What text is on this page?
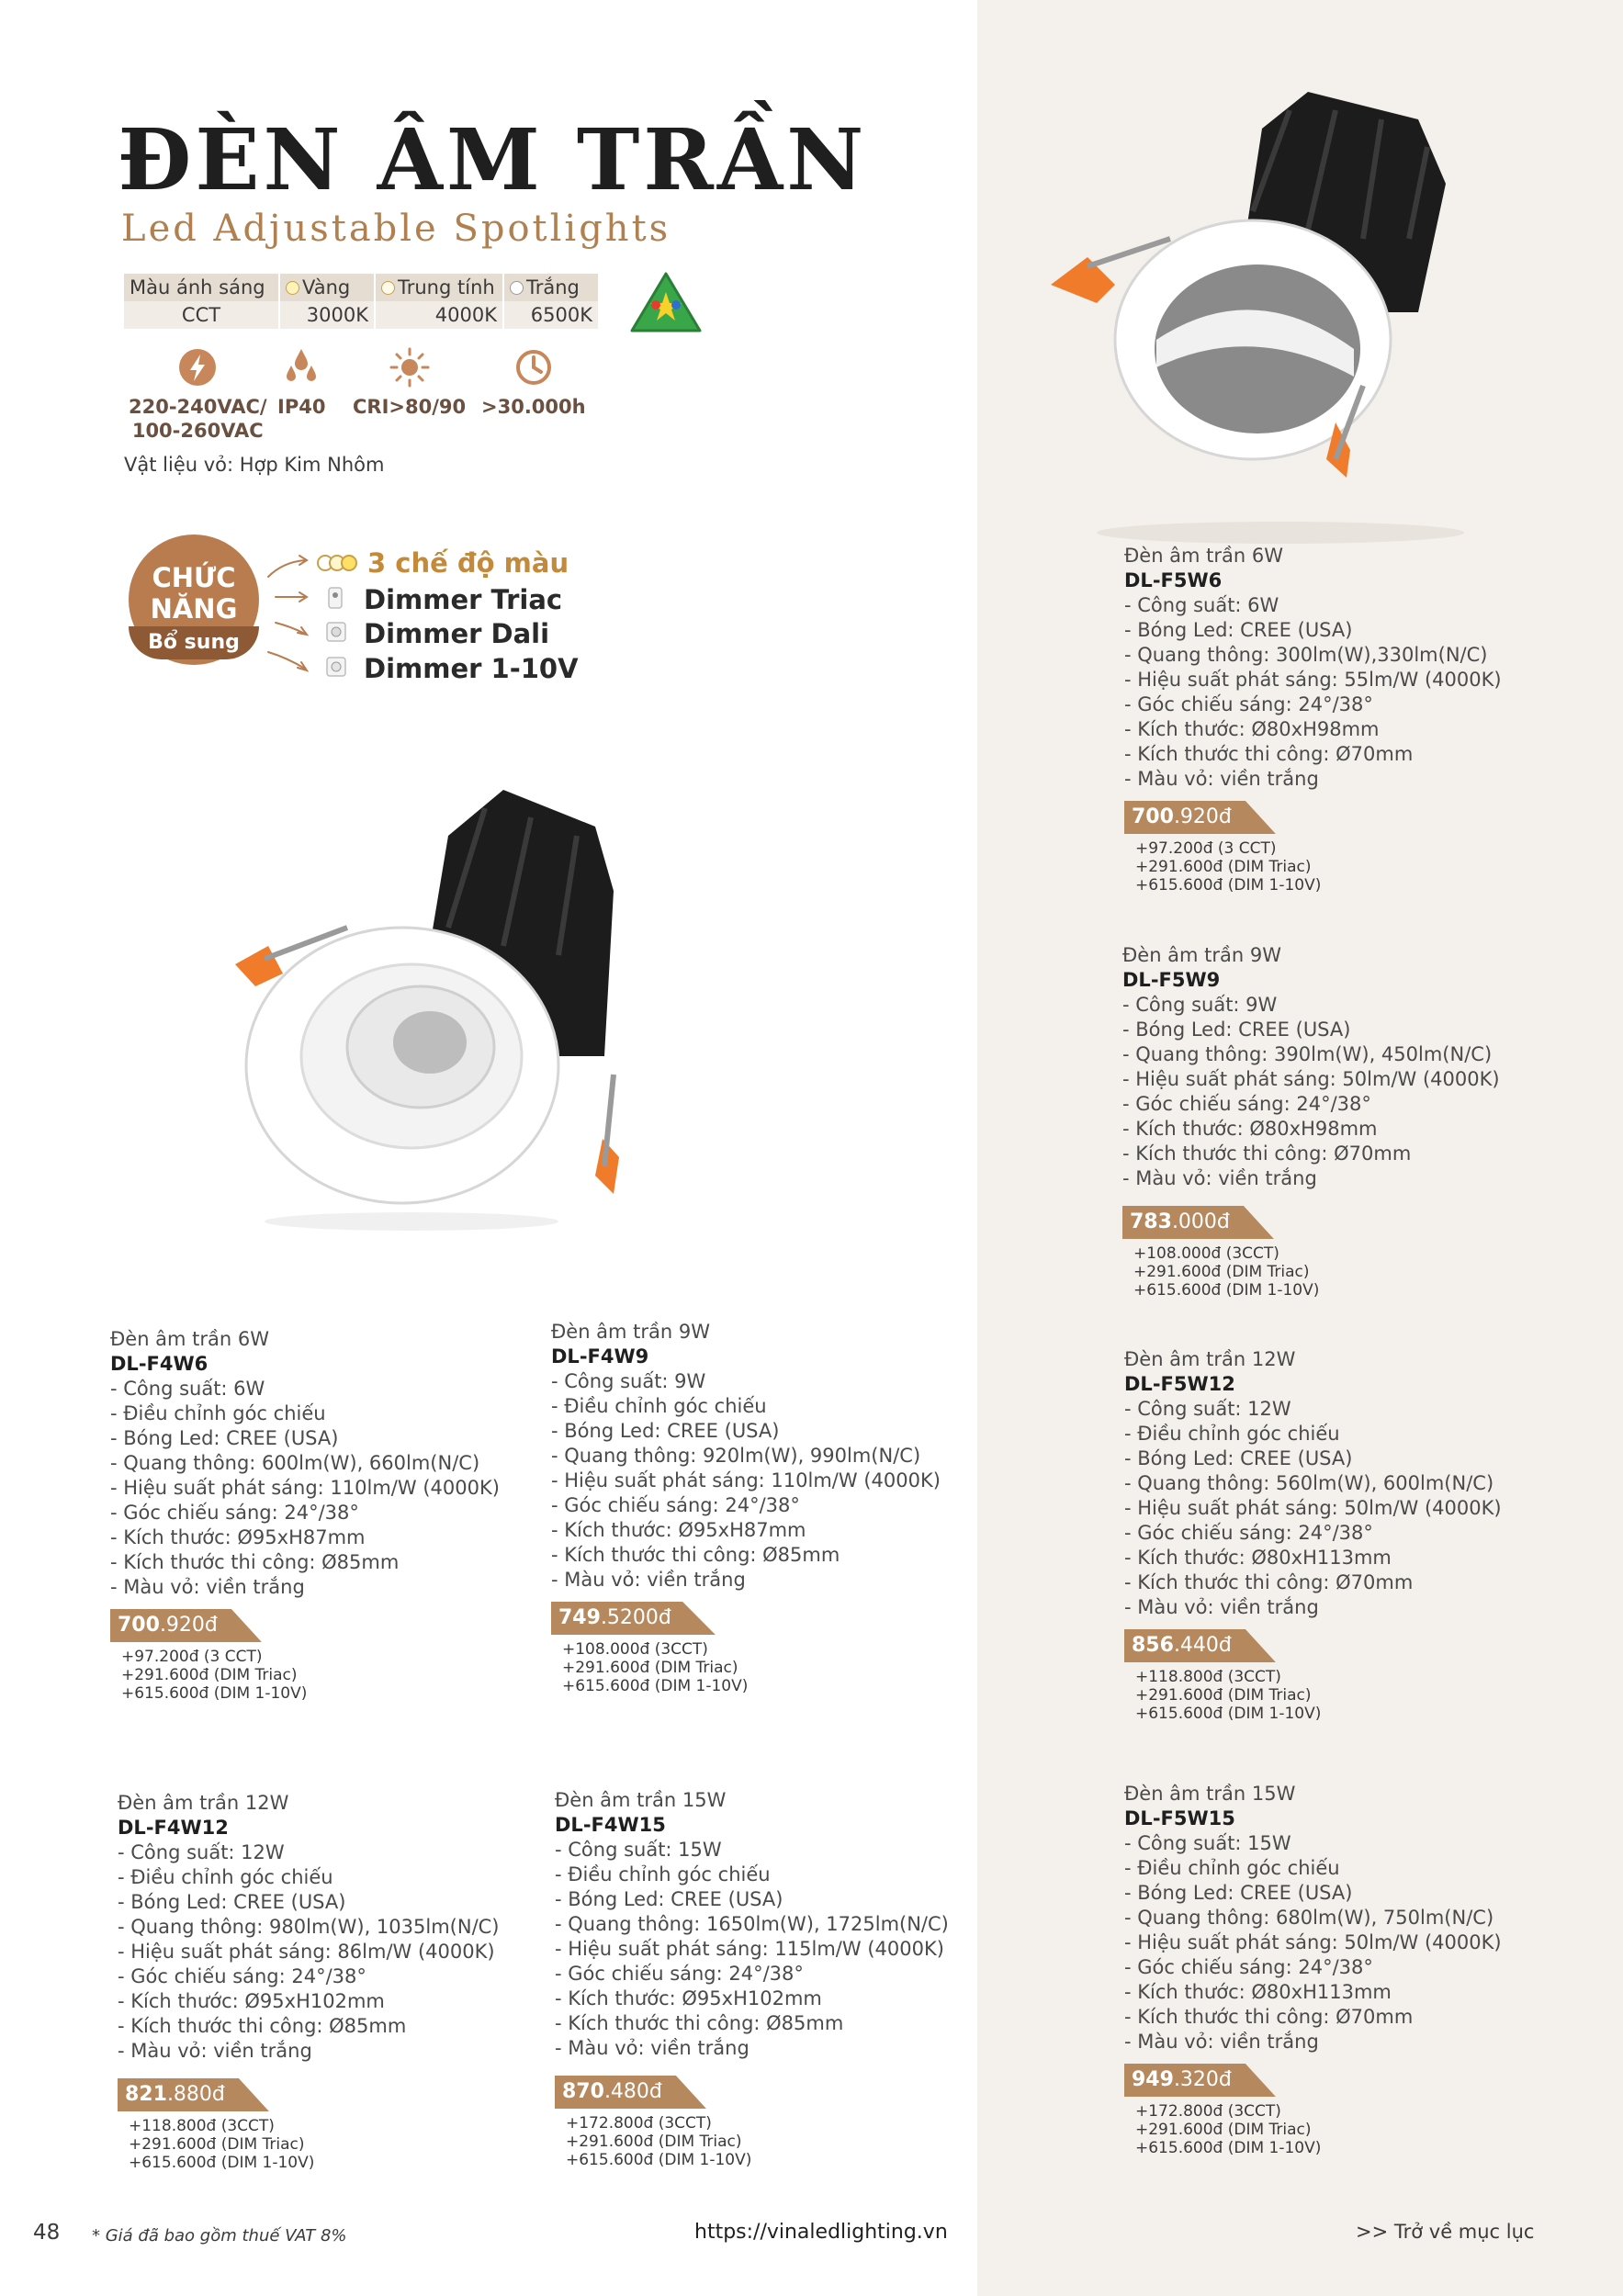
ĐÈN ÂM TRẦN
Led Adjustable Spotlights
Màu ánh sáng	Vàng	Trung tính	Trắng
CCT	3000K	4000K	6500K
220-240VAC/
100-260VAC
IP40 CRI>80/90 >30.000h
Vật liệu vỏ: Hợp Kim Nhôm
CHỨC
NĂNG
Bổ sung
3 chế độ màu
Dimmer Triac
Dimmer Dali
Dimmer 1-10V
Đèn âm trần 6W
DL-F5W6
- Công suất: 6W
- Bóng Led: CREE (USA)
- Quang thông: 300lm(W),330lm(N/C)
- Hiệu suất phát sáng: 55lm/W (4000K)
- Góc chiếu sáng: 24°/38°
- Kích thước: Ø80xH98mm
- Kích thước thi công: Ø70mm
- Màu vỏ: viền trắng
700.920đ
+97.200đ (3 CCT)
+291.600đ (DIM Triac)
+615.600đ (DIM 1-10V)
Đèn âm trần 9W
DL-F5W9
- Công suất: 9W
- Bóng Led: CREE (USA)
- Quang thông: 390lm(W), 450lm(N/C)
- Hiệu suất phát sáng: 50lm/W (4000K)
- Góc chiếu sáng: 24°/38°
- Kích thước: Ø80xH98mm
- Kích thước thi công: Ø70mm
- Màu vỏ: viền trắng
783.000đ
+108.000đ (3CCT)
+291.600đ (DIM Triac)
+615.600đ (DIM 1-10V)
Đèn âm trần 6W
DL-F4W6
- Công suất: 6W
- Điều chỉnh góc chiếu
- Bóng Led: CREE (USA)
- Quang thông: 600lm(W), 660lm(N/C)
- Hiệu suất phát sáng: 110lm/W (4000K)
- Góc chiếu sáng: 24°/38°
- Kích thước: Ø95xH87mm
- Kích thước thi công: Ø85mm
- Màu vỏ: viền trắng
700.920đ
+97.200đ (3 CCT)
+291.600đ (DIM Triac)
+615.600đ (DIM 1-10V)
Đèn âm trần 9W
DL-F4W9
- Công suất: 9W
- Điều chỉnh góc chiếu
- Bóng Led: CREE (USA)
- Quang thông: 920lm(W), 990lm(N/C)
- Hiệu suất phát sáng: 110lm/W (4000K)
- Góc chiếu sáng: 24°/38°
- Kích thước: Ø95xH87mm
- Kích thước thi công: Ø85mm
- Màu vỏ: viền trắng
749.5200đ
+108.000đ (3CCT)
+291.600đ (DIM Triac)
+615.600đ (DIM 1-10V)
Đèn âm trần 12W
DL-F5W12
- Công suất: 12W
- Điều chỉnh góc chiếu
- Bóng Led: CREE (USA)
- Quang thông: 560lm(W), 600lm(N/C)
- Hiệu suất phát sáng: 50lm/W (4000K)
- Góc chiếu sáng: 24°/38°
- Kích thước: Ø80xH113mm
- Kích thước thi công: Ø70mm
- Màu vỏ: viền trắng
856.440đ
+118.800đ (3CCT)
+291.600đ (DIM Triac)
+615.600đ (DIM 1-10V)
Đèn âm trần 12W
DL-F4W12
- Công suất: 12W
- Điều chỉnh góc chiếu
- Bóng Led: CREE (USA)
- Quang thông: 980lm(W), 1035lm(N/C)
- Hiệu suất phát sáng: 86lm/W (4000K)
- Góc chiếu sáng: 24°/38°
- Kích thước: Ø95xH102mm
- Kích thước thi công: Ø85mm
- Màu vỏ: viền trắng
821.880đ
+118.800đ (3CCT)
+291.600đ (DIM Triac)
+615.600đ (DIM 1-10V)
Đèn âm trần 15W
DL-F4W15
- Công suất: 15W
- Điều chỉnh góc chiếu
- Bóng Led: CREE (USA)
- Quang thông: 1650lm(W), 1725lm(N/C)
- Hiệu suất phát sáng: 115lm/W (4000K)
- Góc chiếu sáng: 24°/38°
- Kích thước: Ø95xH102mm
- Kích thước thi công: Ø85mm
- Màu vỏ: viền trắng
870.480đ
+172.800đ (3CCT)
+291.600đ (DIM Triac)
+615.600đ (DIM 1-10V)
Đèn âm trần 15W
DL-F5W15
- Công suất: 15W
- Điều chỉnh góc chiếu
- Bóng Led: CREE (USA)
- Quang thông: 680lm(W), 750lm(N/C)
- Hiệu suất phát sáng: 50lm/W (4000K)
- Góc chiếu sáng: 24°/38°
- Kích thước: Ø80xH113mm
- Kích thước thi công: Ø70mm
- Màu vỏ: viền trắng
949.320đ
+172.800đ (3CCT)
+291.600đ (DIM Triac)
+615.600đ (DIM 1-10V)
48 * Giá đã bao gồm thuế VAT 8%	https://vinaledlighting.vn	>> Trở về mục lục
